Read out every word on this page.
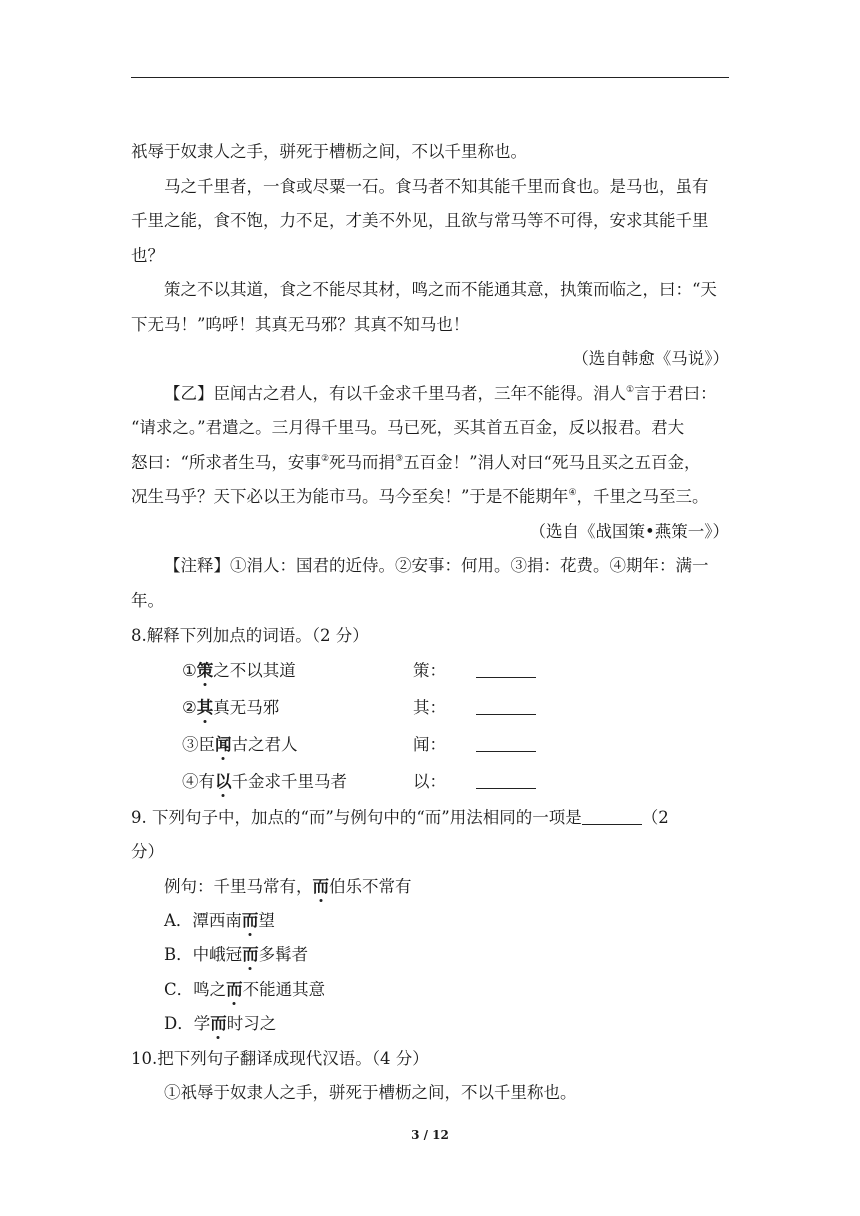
祇辱于奴隶人之手，骈死于槽枥之间，不以千里称也。
马之千里者，一食或尽粟一石。食马者不知其能千里而食也。是马也，虽有
千里之能，食不饱，力不足，才美不外见，且欲与常马等不可得，安求其能千里
也？
策之不以其道，食之不能尽其材，鸣之而不能通其意，执策而临之，曰：“天
下无马！”呜呼！其真无马邪？其真不知马也！
（选自韩愈《马说》）
【乙】臣闻古之君人，有以千金求千里马者，三年不能得。涓人①言于君曰：
“请求之。”君遣之。三月得千里马。马已死，买其首五百金，反以报君。君大
怒曰：“所求者生马，安事②死马而捐③五百金！”涓人对曰“死马且买之五百金，
况生马乎？天下必以王为能市马。马今至矣！”于是不能期年④，千里之马至三。
（选自《战国策•燕策一》）
【注释】①涓人：国君的近侍。②安事：何用。③捐：花费。④期年：满一
年。
8.解释下列加点的词语。（2 分）
①策之不以其道	策：
②其真无马邪	其：
③臣闻古之君人	闻：
④有以千金求千里马者	以：
9. 下列句子中，加点的“而”与例句中的“而”用法相同的一项是	（2
分）
例句：千里马常有，而伯乐不常有
A．潭西南而望
B．中峨冠而多髯者
C．鸣之而不能通其意
D．学而时习之
10.把下列句子翻译成现代汉语。（4 分）
①祇辱于奴隶人之手，骈死于槽枥之间，不以千里称也。
3 / 12
